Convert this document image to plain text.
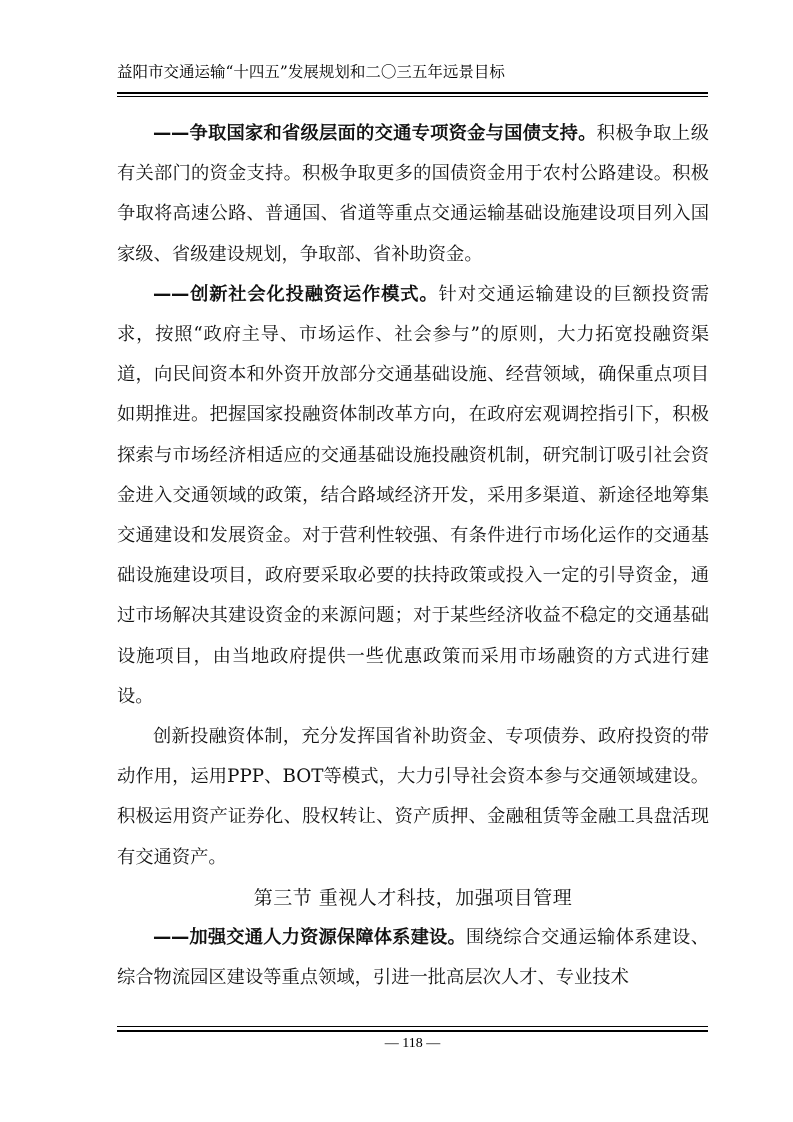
益阳市交通运输“十四五”发展规划和二〇三五年远景目标

——争取国家和省级层面的交通专项资金与国债支持。积极争取上级有关部门的资金支持。积极争取更多的国债资金用于农村公路建设。积极争取将高速公路、普通国、省道等重点交通运输基础设施建设项目列入国家级、省级建设规划，争取部、省补助资金。

——创新社会化投融资运作模式。针对交通运输建设的巨额投资需求，按照“政府主导、市场运作、社会参与”的原则，大力拓宽投融资渠道，向民间资本和外资开放部分交通基础设施、经营领域，确保重点项目如期推进。把握国家投融资体制改革方向，在政府宏观调控指引下，积极探索与市场经济相适应的交通基础设施投融资机制，研究制订吸引社会资金进入交通领域的政策，结合路域经济开发，采用多渠道、新途径地筹集交通建设和发展资金。对于营利性较强、有条件进行市场化运作的交通基础设施建设项目，政府要采取必要的扶持政策或投入一定的引导资金，通过市场解决其建设资金的来源问题；对于某些经济收益不稳定的交通基础设施项目，由当地政府提供一些优惠政策而采用市场融资的方式进行建设。

创新投融资体制，充分发挥国省补助资金、专项债券、政府投资的带动作用，运用PPP、BOT等模式，大力引导社会资本参与交通领域建设。积极运用资产证券化、股权转让、资产质押、金融租赁等金融工具盘活现有交通资产。

第三节 重视人才科技，加强项目管理

——加强交通人力资源保障体系建设。围绕综合交通运输体系建设、综合物流园区建设等重点领域，引进一批高层次人才、专业技术

— 118 —
